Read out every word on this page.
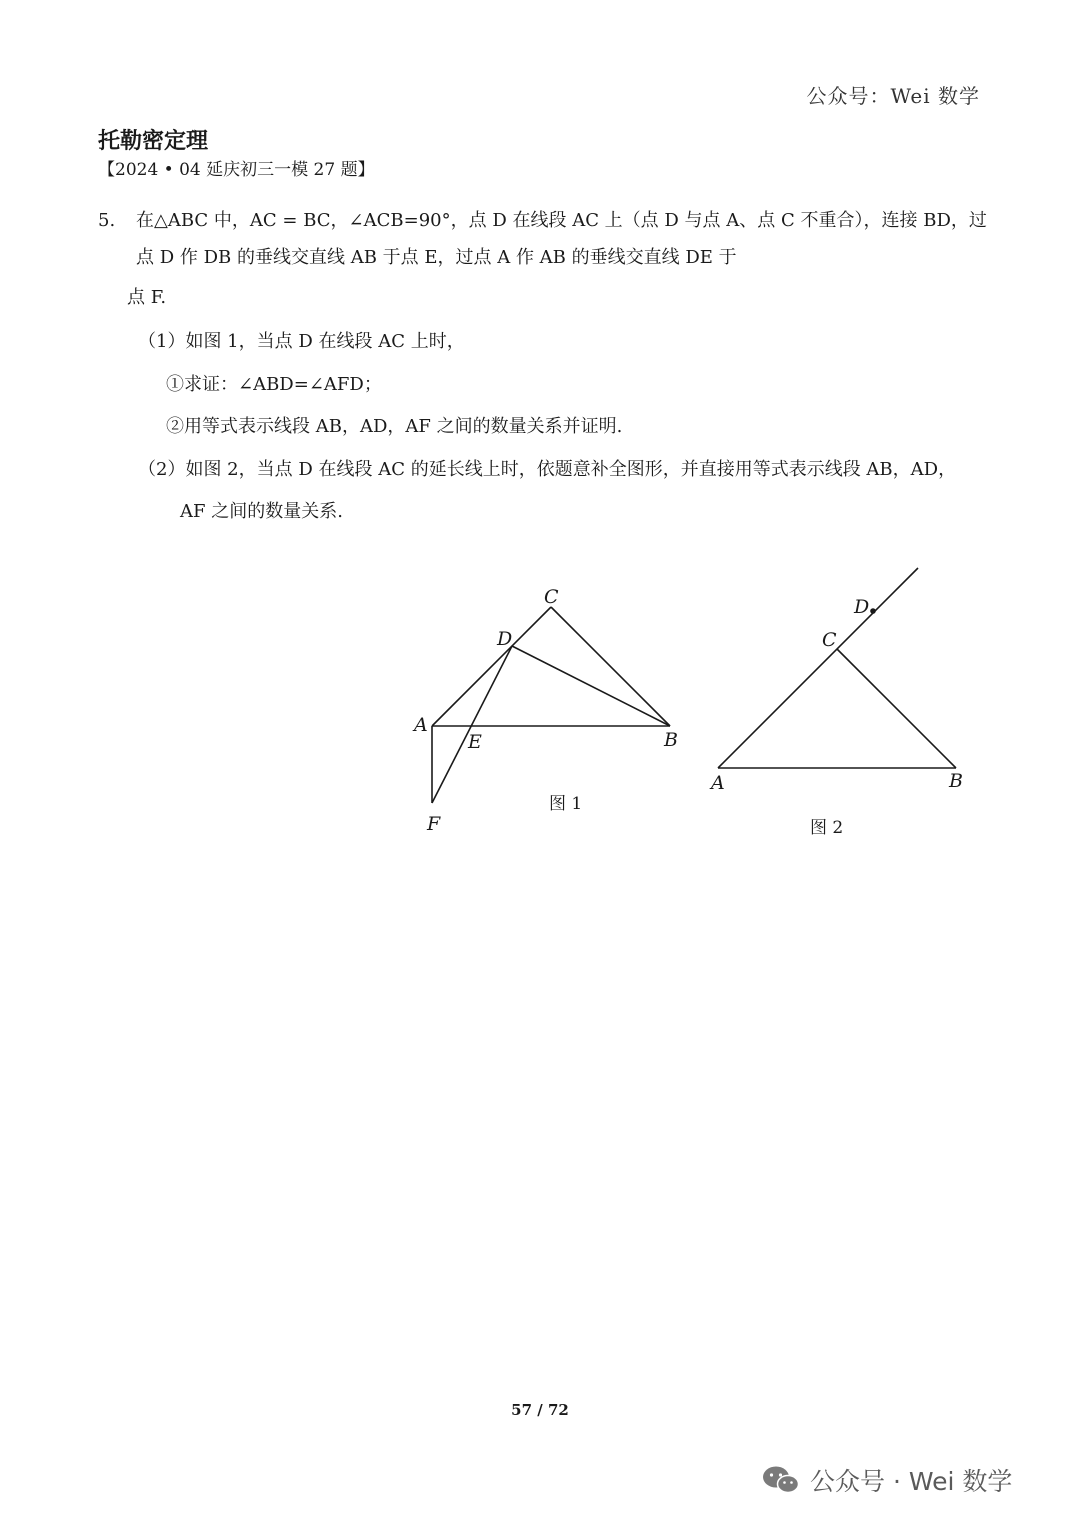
公众号：Wei 数学
托勒密定理
【2024 • 04 延庆初三一模 27 题】
5. 在△ABC 中，AC = BC，∠ACB=90°，点 D 在线段 AC 上（点 D 与点 A、点 C 不重合），连接 BD，过
点 D 作 DB 的垂线交直线 AB 于点 E，过点 A 作 AB 的垂线交直线 DE 于
点 F.
（1）如图 1，当点 D 在线段 AC 上时，
①求证：∠ABD=∠AFD；
②用等式表示线段 AB，AD，AF 之间的数量关系并证明.
（2）如图 2，当点 D 在线段 AC 的延长线上时，依题意补全图形，并直接用等式表示线段 AB，AD，
AF 之间的数量关系.
C
D
A
E	B
F
图 1
D
C
A	B
图 2
57 / 72
公众号 · Wei 数学
